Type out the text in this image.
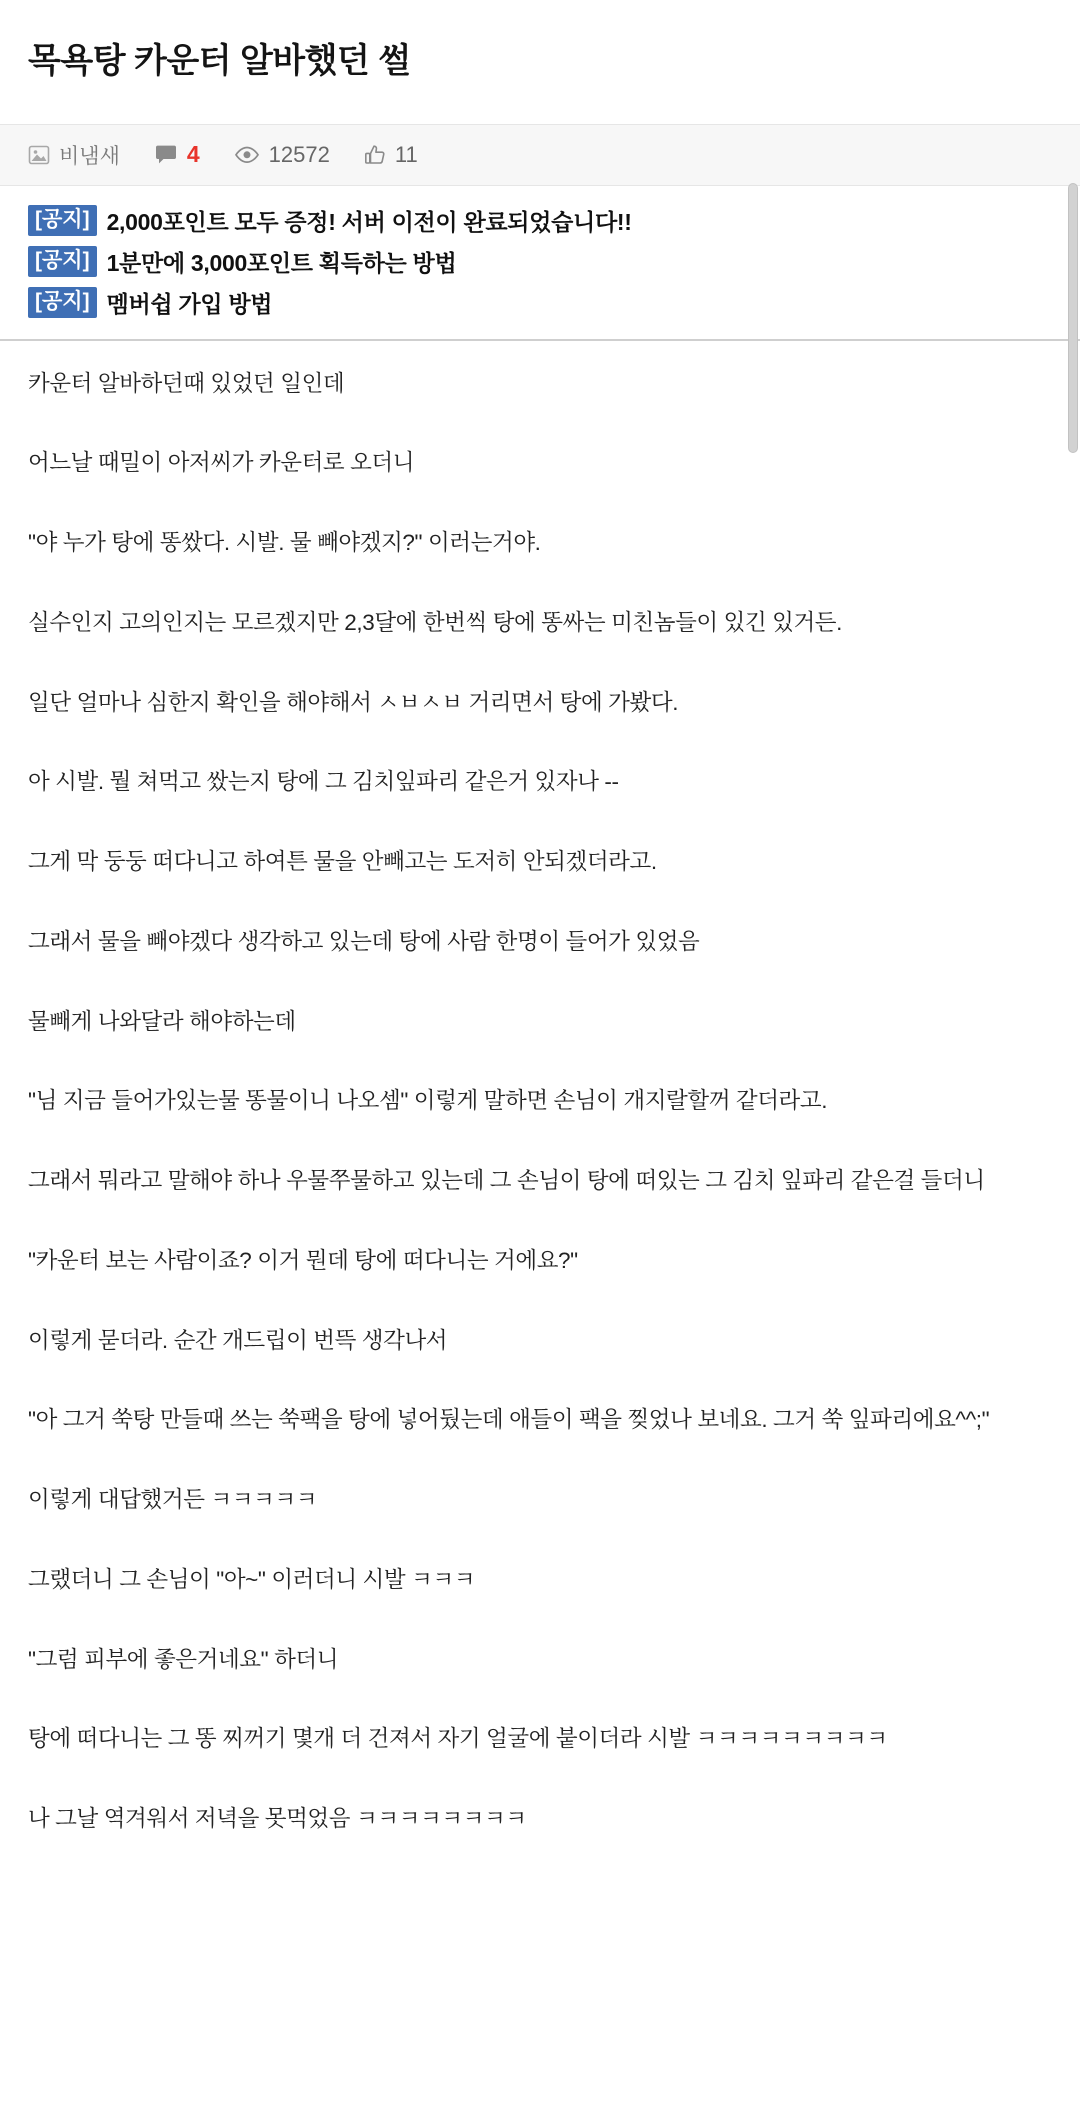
목욕탕 카운터 알바했던 썰
비냄새	4	12572	11
[공지] 2,000포인트 모두 증정! 서버 이전이 완료되었습니다!!
[공지] 1분만에 3,000포인트 획득하는 방법
[공지] 멤버쉽 가입 방법

카운터 알바하던때 있었던 일인데

어느날 때밀이 아저씨가 카운터로 오더니

"야 누가 탕에 똥쌌다. 시발. 물 빼야겠지?" 이러는거야.

실수인지 고의인지는 모르겠지만 2,3달에 한번씩 탕에 똥싸는 미친놈들이 있긴 있거든.

일단 얼마나 심한지 확인을 해야해서 ㅅㅂㅅㅂ 거리면서 탕에 가봤다.

아 시발. 뭘 쳐먹고 쌌는지 탕에 그 김치잎파리 같은거 있자나 --

그게 막 둥둥 떠다니고 하여튼 물을 안빼고는 도저히 안되겠더라고.

그래서 물을 빼야겠다 생각하고 있는데 탕에 사람 한명이 들어가 있었음

물빼게 나와달라 해야하는데

"님 지금 들어가있는물 똥물이니 나오셈" 이렇게 말하면 손님이 개지랄할꺼 같더라고.

그래서 뭐라고 말해야 하나 우물쭈물하고 있는데 그 손님이 탕에 떠있는 그 김치 잎파리 같은걸 들더니

"카운터 보는 사람이죠? 이거 뭔데 탕에 떠다니는 거에요?"

이렇게 묻더라. 순간 개드립이 번뜩 생각나서

"아 그거 쑥탕 만들때 쓰는 쑥팩을 탕에 넣어뒀는데 애들이 팩을 찢었나 보네요. 그거 쑥 잎파리에요^^;"

이렇게 대답했거든 ㅋㅋㅋㅋㅋ

그랬더니 그 손님이 "아~" 이러더니 시발 ㅋㅋㅋ

"그럼 피부에 좋은거네요" 하더니

탕에 떠다니는 그 똥 찌꺼기 몇개 더 건져서 자기 얼굴에 붙이더라 시발 ㅋㅋㅋㅋㅋㅋㅋㅋㅋ

나 그날 역겨워서 저녁을 못먹었음 ㅋㅋㅋㅋㅋㅋㅋㅋ
